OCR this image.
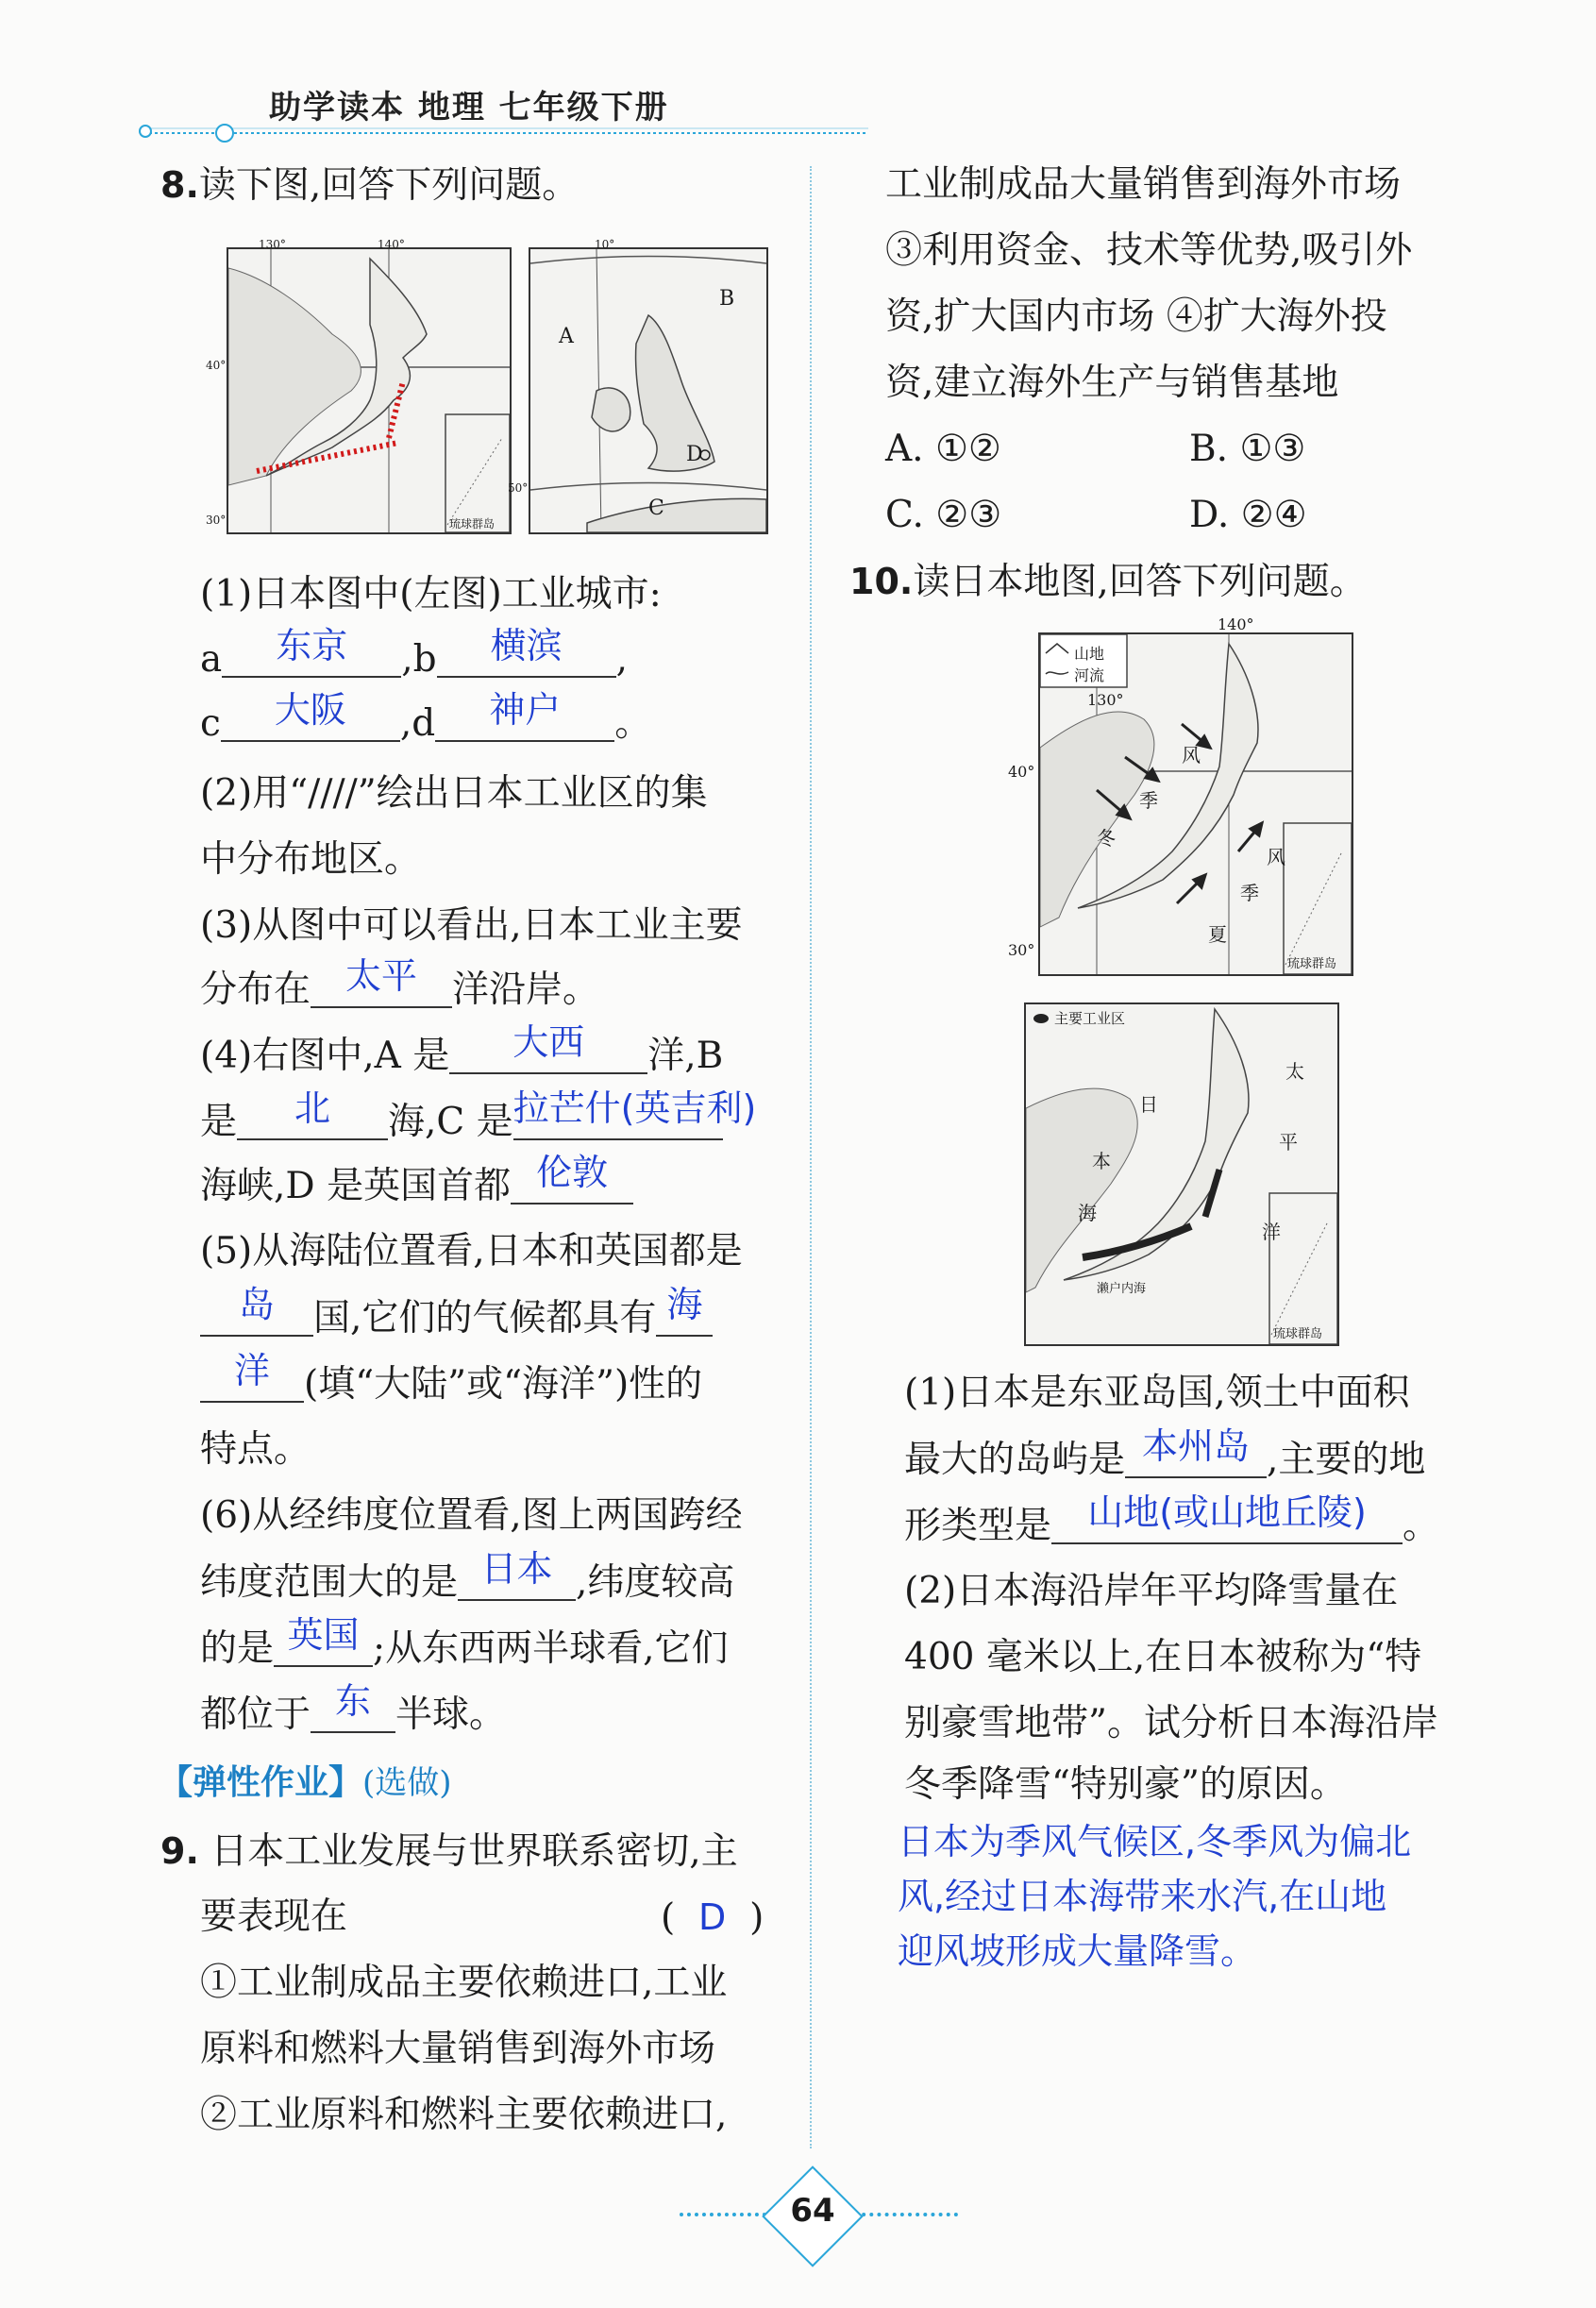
助学读本 地理 七年级下册
8.读下图,回答下列问题。
130°	140°
40°
30°	琉球群岛
10°
50°
A
B
C
D
(1)日本图中(左图)工业城市:
a 东京 ,b 横滨 ,
c 大阪 ,d 神户 。
(2)用“////”绘出日本工业区的集
中分布地区。
(3)从图中可以看出,日本工业主要
分布在 太平 洋沿岸。
(4)右图中,A 是 大西 洋,B
是 北 海,C 是拉芒什(英吉利)
海峡,D 是英国首都 伦敦
(5)从海陆位置看,日本和英国都是
岛 国,它们的气候都具有 海
洋 (填“大陆”或“海洋”)性的
特点。
(6)从经纬度位置看,图上两国跨经
纬度范围大的是 日本 ,纬度较高
的是 英国 ;从东西两半球看,它们
都位于 东 半球。
【弹性作业】(选做)
9. 日本工业发展与世界联系密切,主
要表现在	( D )
①工业制成品主要依赖进口,工业
原料和燃料大量销售到海外市场
②工业原料和燃料主要依赖进口,
工业制成品大量销售到海外市场
③利用资金、技术等优势,吸引外
资,扩大国内市场 ④扩大海外投
资,建立海外生产与销售基地
A. ①②	B. ①③
C. ②③	D. ②④
10.读日本地图,回答下列问题。
山地
河流
140°
130°
40°
30°
风
季
冬
风
季
夏
琉球群岛
主要工业区
日
本
海
太
平
洋
濑户内海
琉球群岛
(1)日本是东亚岛国,领土中面积
最大的岛屿是 本州岛 ,主要的地
形类型是 山地(或山地丘陵) 。
(2)日本海沿岸年平均降雪量在
400 毫米以上,在日本被称为“特
别豪雪地带”。试分析日本海沿岸
冬季降雪“特别豪”的原因。
日本为季风气候区,冬季风为偏北
风,经过日本海带来水汽,在山地
迎风坡形成大量降雪。
64
